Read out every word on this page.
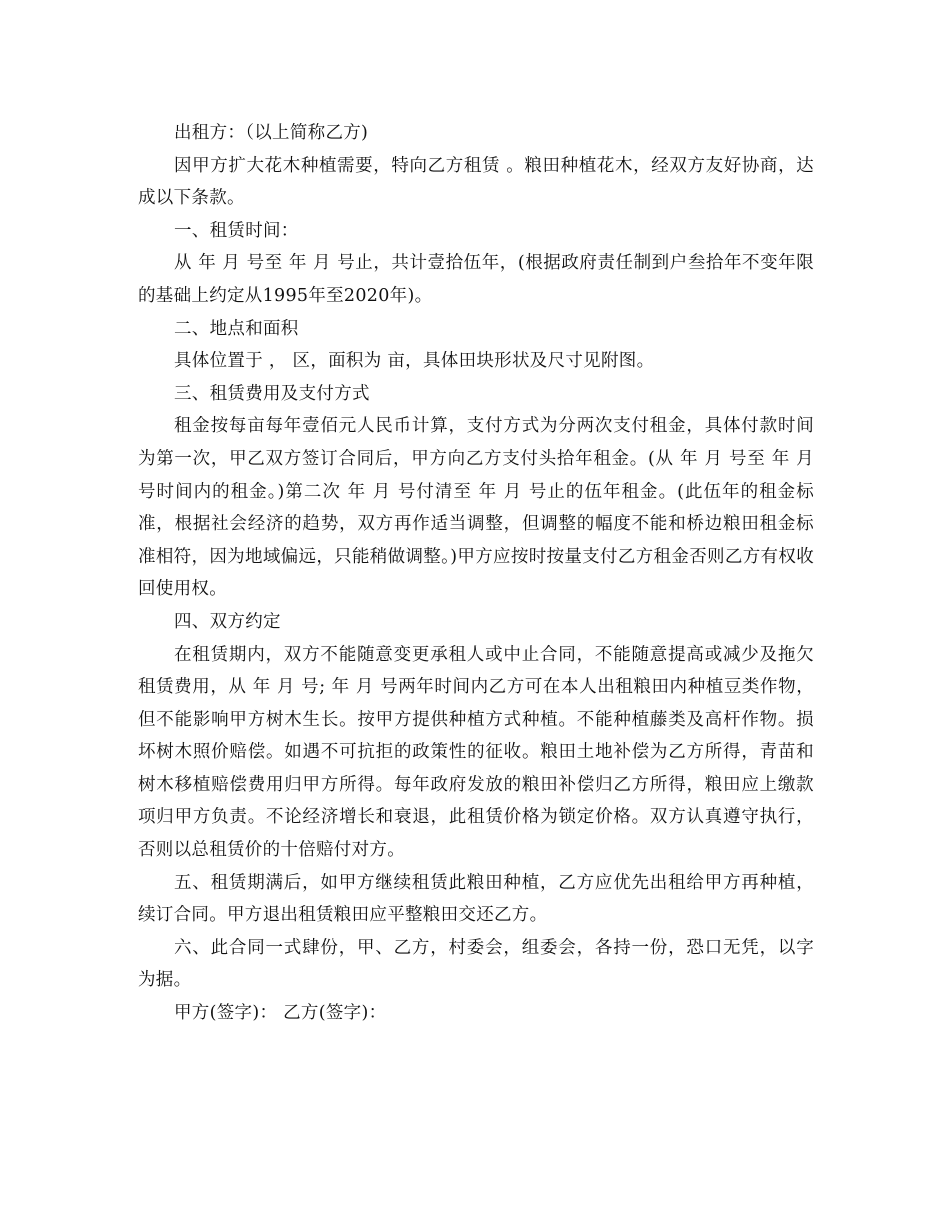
出租方：（以上简称乙方)

因甲方扩大花木种植需要，特向乙方租赁 。粮田种植花木，经双方友好协商，达成以下条款。

一、租赁时间：

从 年 月 号至 年 月 号止，共计壹拾伍年，(根据政府责任制到户叁拾年不变年限的基础上约定从1995年至2020年)。

二、地点和面积

具体位置于 ， 区，面积为 亩，具体田块形状及尺寸见附图。

三、租赁费用及支付方式

租金按每亩每年壹佰元人民币计算，支付方式为分两次支付租金，具体付款时间为第一次，甲乙双方签订合同后，甲方向乙方支付头拾年租金。(从 年 月 号至 年 月 号时间内的租金。)第二次 年 月 号付清至 年 月 号止的伍年租金。(此伍年的租金标准，根据社会经济的趋势，双方再作适当调整，但调整的幅度不能和桥边粮田租金标准相符，因为地域偏远，只能稍做调整。)甲方应按时按量支付乙方租金否则乙方有权收回使用权。

四、双方约定

在租赁期内，双方不能随意变更承租人或中止合同，不能随意提高或减少及拖欠租赁费用，从 年 月 号; 年 月 号两年时间内乙方可在本人出租粮田内种植豆类作物，但不能影响甲方树木生长。按甲方提供种植方式种植。不能种植藤类及高杆作物。损坏树木照价赔偿。如遇不可抗拒的政策性的征收。粮田土地补偿为乙方所得，青苗和树木移植赔偿费用归甲方所得。每年政府发放的粮田补偿归乙方所得，粮田应上缴款项归甲方负责。不论经济增长和衰退，此租赁价格为锁定价格。双方认真遵守执行，否则以总租赁价的十倍赔付对方。

五、租赁期满后，如甲方继续租赁此粮田种植，乙方应优先出租给甲方再种植，续订合同。甲方退出租赁粮田应平整粮田交还乙方。

六、此合同一式肆份，甲、乙方，村委会，组委会，各持一份，恐口无凭，以字为据。

甲方(签字)： 乙方(签字)：
